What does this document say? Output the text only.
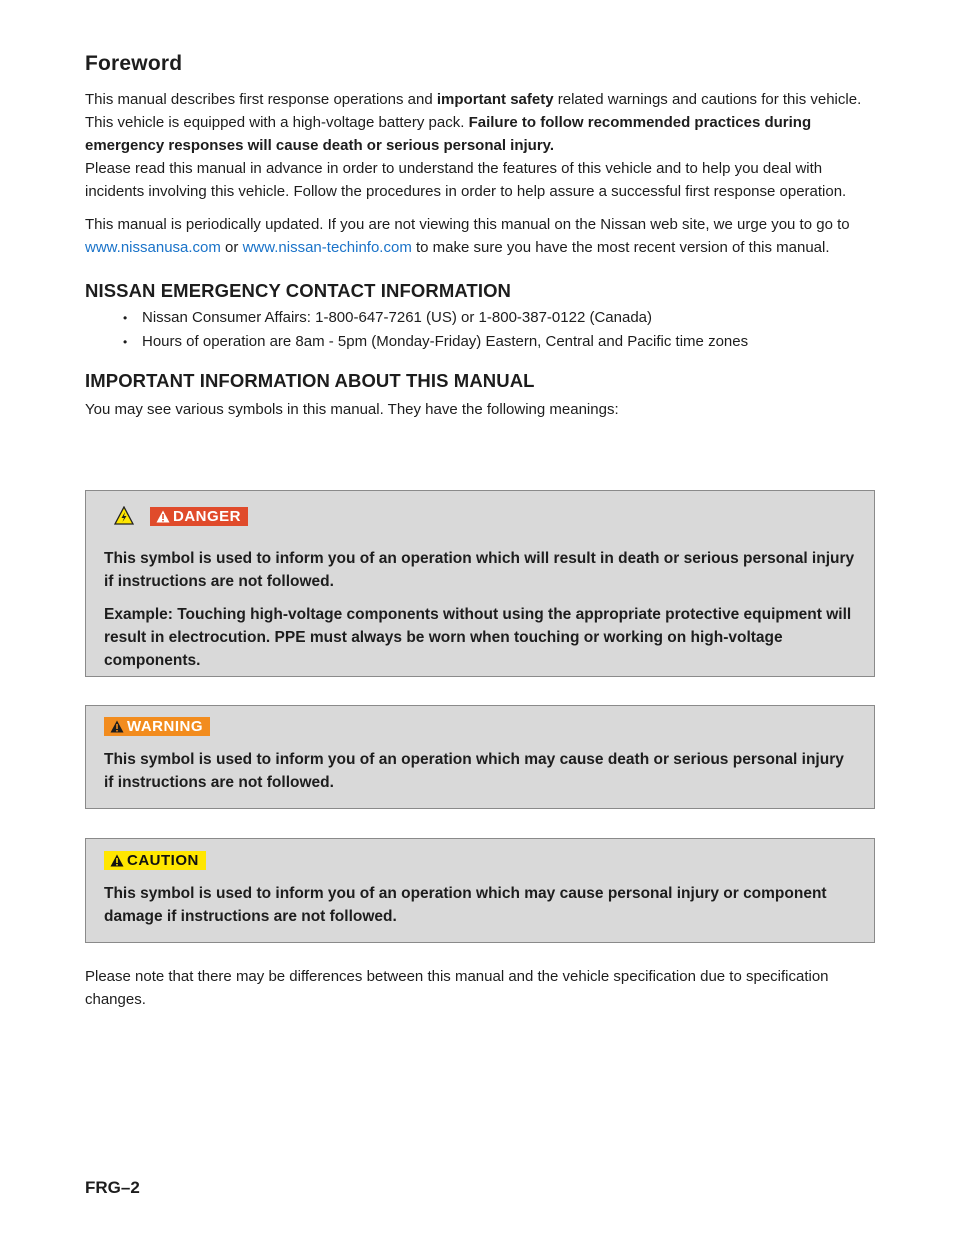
Foreword

This manual describes first response operations and important safety related warnings and cautions for this vehicle.

This vehicle is equipped with a high-voltage battery pack. Failure to follow recommended practices during emergency responses will cause death or serious personal injury.

Please read this manual in advance in order to understand the features of this vehicle and to help you deal with incidents involving this vehicle. Follow the procedures in order to help assure a successful first response operation.

This manual is periodically updated. If you are not viewing this manual on the Nissan web site, we urge you to go to www.nissanusa.com or www.nissan-techinfo.com to make sure you have the most recent version of this manual.

NISSAN EMERGENCY CONTACT INFORMATION
• Nissan Consumer Affairs: 1-800-647-7261 (US) or 1-800-387-0122 (Canada)
• Hours of operation are 8am - 5pm (Monday-Friday) Eastern, Central and Pacific time zones
IMPORTANT INFORMATION ABOUT THIS MANUAL

You may see various symbols in this manual. They have the following meanings:

DANGER

This symbol is used to inform you of an operation which will result in death or serious personal injury if instructions are not followed.

Example: Touching high-voltage components without using the appropriate protective equipment will result in electrocution. PPE must always be worn when touching or working on high-voltage components.

WARNING

This symbol is used to inform you of an operation which may cause death or serious personal injury if instructions are not followed.

CAUTION

This symbol is used to inform you of an operation which may cause personal injury or component damage if instructions are not followed.

Please note that there may be differences between this manual and the vehicle specification due to specification changes.

FRG–2
